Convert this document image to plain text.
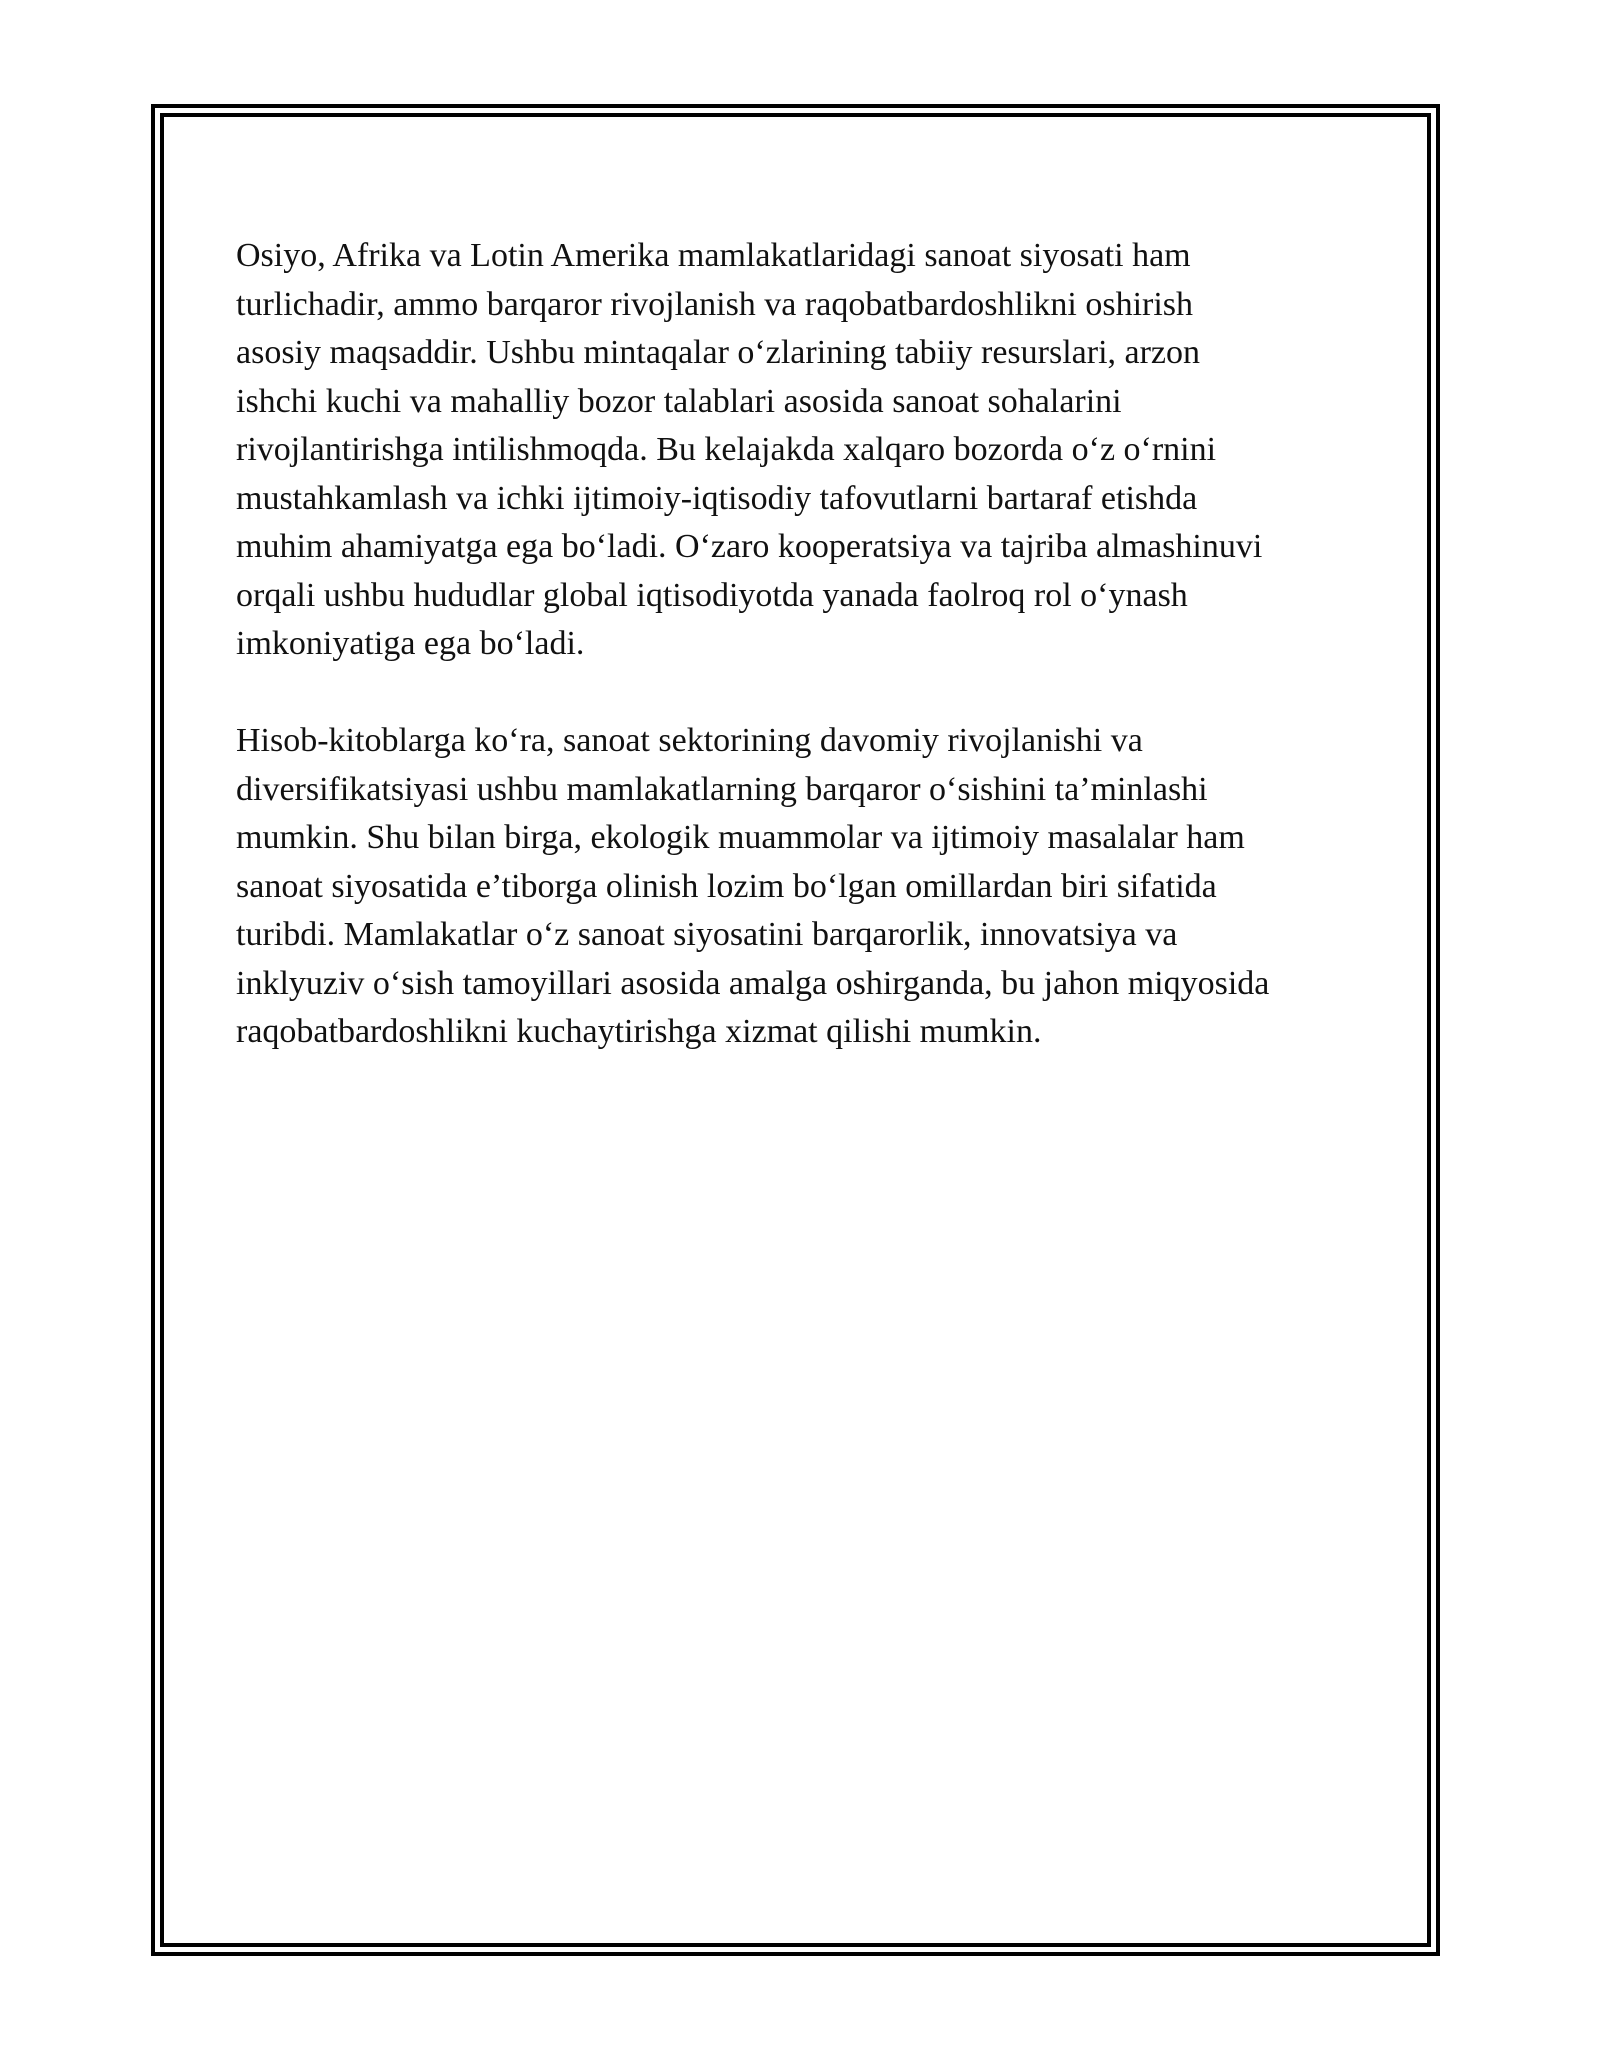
Osiyo, Afrika va Lotin Amerika mamlakatlaridagi sanoat siyosati ham
turlichadir, ammo barqaror rivojlanish va raqobatbardoshlikni oshirish
asosiy maqsaddir. Ushbu mintaqalar o‘zlarining tabiiy resurslari, arzon
ishchi kuchi va mahalliy bozor talablari asosida sanoat sohalarini
rivojlantirishga intilishmoqda. Bu kelajakda xalqaro bozorda o‘z o‘rnini
mustahkamlash va ichki ijtimoiy-iqtisodiy tafovutlarni bartaraf etishda
muhim ahamiyatga ega bo‘ladi. O‘zaro kooperatsiya va tajriba almashinuvi
orqali ushbu hududlar global iqtisodiyotda yanada faolroq rol o‘ynash
imkoniyatiga ega bo‘ladi.

Hisob-kitoblarga ko‘ra, sanoat sektorining davomiy rivojlanishi va
diversifikatsiyasi ushbu mamlakatlarning barqaror o‘sishini ta’minlashi
mumkin. Shu bilan birga, ekologik muammolar va ijtimoiy masalalar ham
sanoat siyosatida e’tiborga olinish lozim bo‘lgan omillardan biri sifatida
turibdi. Mamlakatlar o‘z sanoat siyosatini barqarorlik, innovatsiya va
inklyuziv o‘sish tamoyillari asosida amalga oshirganda, bu jahon miqyosida
raqobatbardoshlikni kuchaytirishga xizmat qilishi mumkin.
